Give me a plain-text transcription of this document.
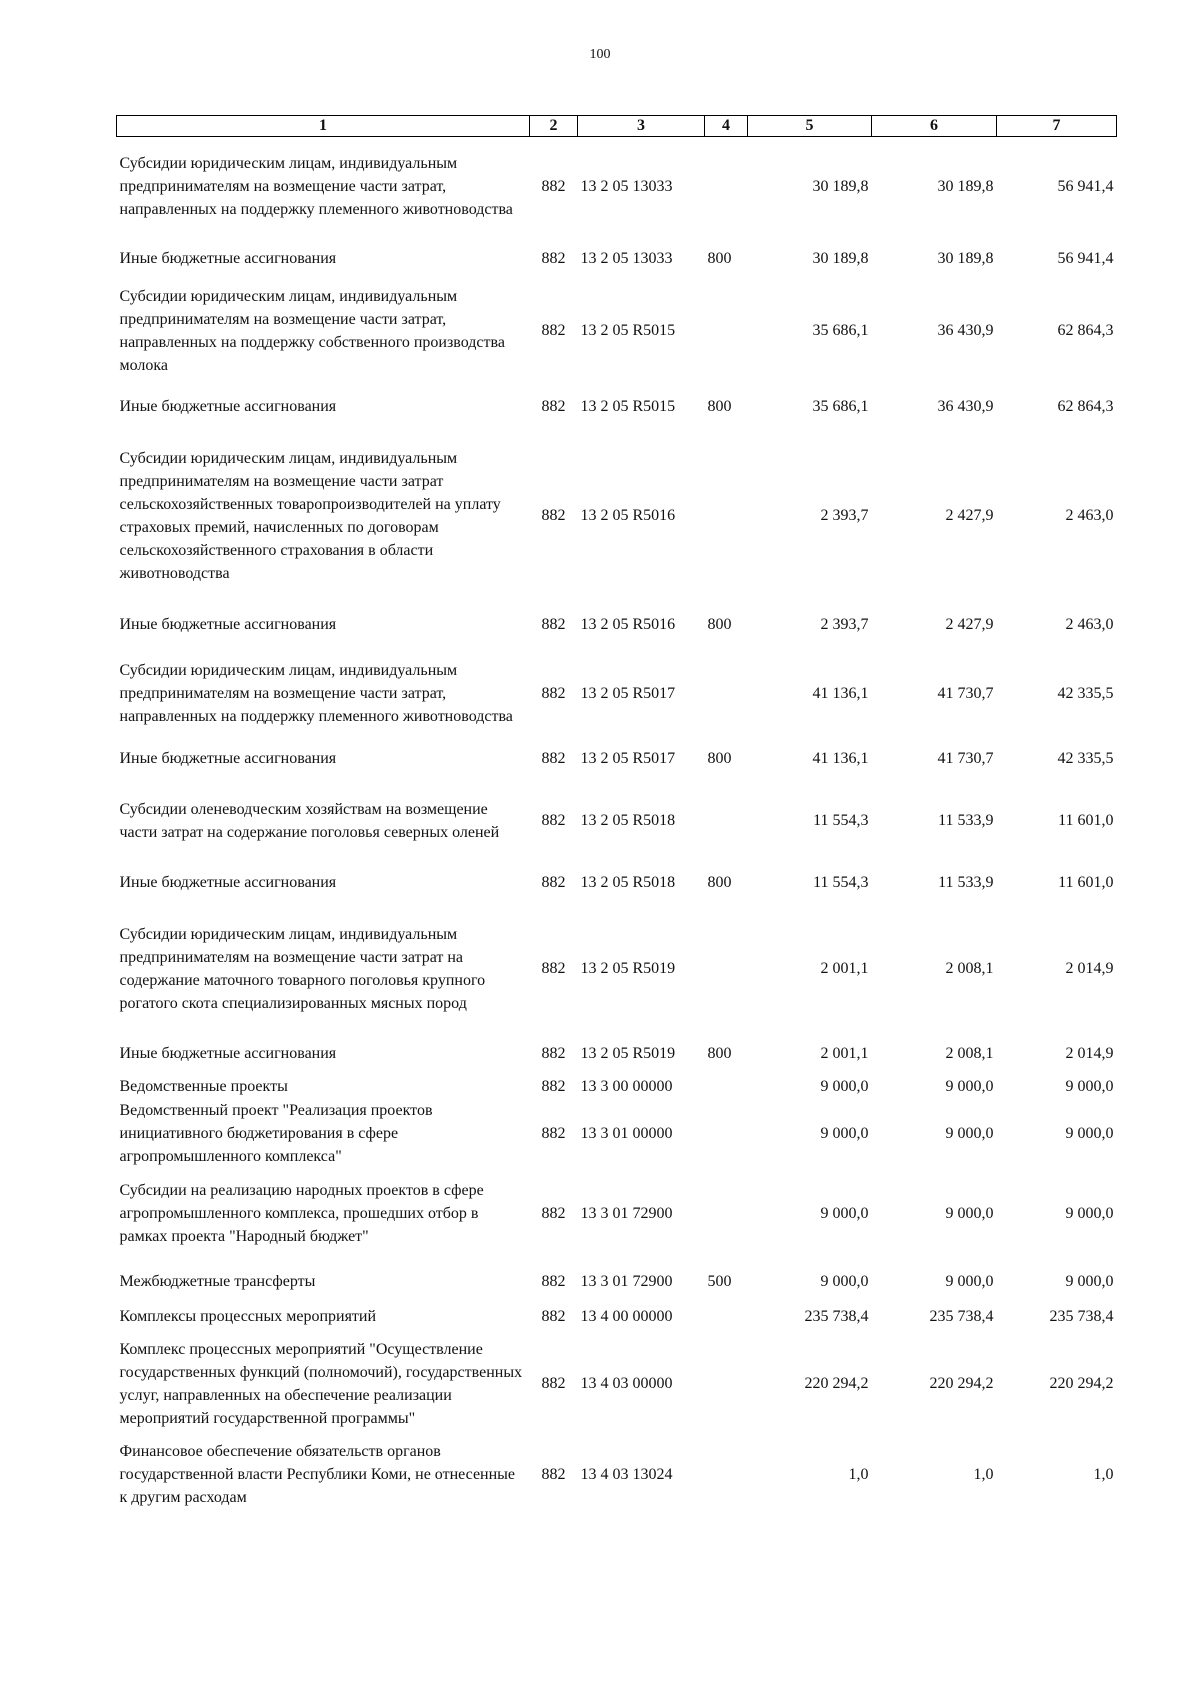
100
1	2	3	4	5	6	7
Субсидии юридическим лицам, индивидуальным предпринимателям на возмещение части затрат, направленных на поддержку племенного животноводства	882	13 2 05 13033		30 189,8	30 189,8	56 941,4
Иные бюджетные ассигнования	882	13 2 05 13033	800	30 189,8	30 189,8	56 941,4
Субсидии юридическим лицам, индивидуальным предпринимателям на возмещение части затрат, направленных на поддержку собственного производства молока	882	13 2 05 R5015		35 686,1	36 430,9	62 864,3
Иные бюджетные ассигнования	882	13 2 05 R5015	800	35 686,1	36 430,9	62 864,3
Субсидии юридическим лицам, индивидуальным предпринимателям на возмещение части затрат сельскохозяйственных товаропроизводителей на уплату страховых премий, начисленных по договорам сельскохозяйственного страхования в области животноводства	882	13 2 05 R5016		2 393,7	2 427,9	2 463,0
Иные бюджетные ассигнования	882	13 2 05 R5016	800	2 393,7	2 427,9	2 463,0
Субсидии юридическим лицам, индивидуальным предпринимателям на возмещение части затрат, направленных на поддержку племенного животноводства	882	13 2 05 R5017		41 136,1	41 730,7	42 335,5
Иные бюджетные ассигнования	882	13 2 05 R5017	800	41 136,1	41 730,7	42 335,5
Субсидии оленеводческим хозяйствам на возмещение части затрат на содержание поголовья северных оленей	882	13 2 05 R5018		11 554,3	11 533,9	11 601,0
Иные бюджетные ассигнования	882	13 2 05 R5018	800	11 554,3	11 533,9	11 601,0
Субсидии юридическим лицам, индивидуальным предпринимателям на возмещение части затрат на содержание маточного товарного поголовья крупного рогатого скота специализированных мясных пород	882	13 2 05 R5019		2 001,1	2 008,1	2 014,9
Иные бюджетные ассигнования	882	13 2 05 R5019	800	2 001,1	2 008,1	2 014,9
Ведомственные проекты	882	13 3 00 00000		9 000,0	9 000,0	9 000,0
Ведомственный проект "Реализация проектов инициативного бюджетирования в сфере агропромышленного комплекса"	882	13 3 01 00000		9 000,0	9 000,0	9 000,0
Субсидии на реализацию народных проектов в сфере агропромышленного комплекса, прошедших отбор в рамках проекта "Народный бюджет"	882	13 3 01 72900		9 000,0	9 000,0	9 000,0
Межбюджетные трансферты	882	13 3 01 72900	500	9 000,0	9 000,0	9 000,0
Комплексы процессных мероприятий	882	13 4 00 00000		235 738,4	235 738,4	235 738,4
Комплекс процессных мероприятий "Осуществление государственных функций (полномочий), государственных услуг, направленных на обеспечение реализации мероприятий государственной программы"	882	13 4 03 00000		220 294,2	220 294,2	220 294,2
Финансовое обеспечение обязательств органов государственной власти Республики Коми, не отнесенные к другим расходам	882	13 4 03 13024		1,0	1,0	1,0
